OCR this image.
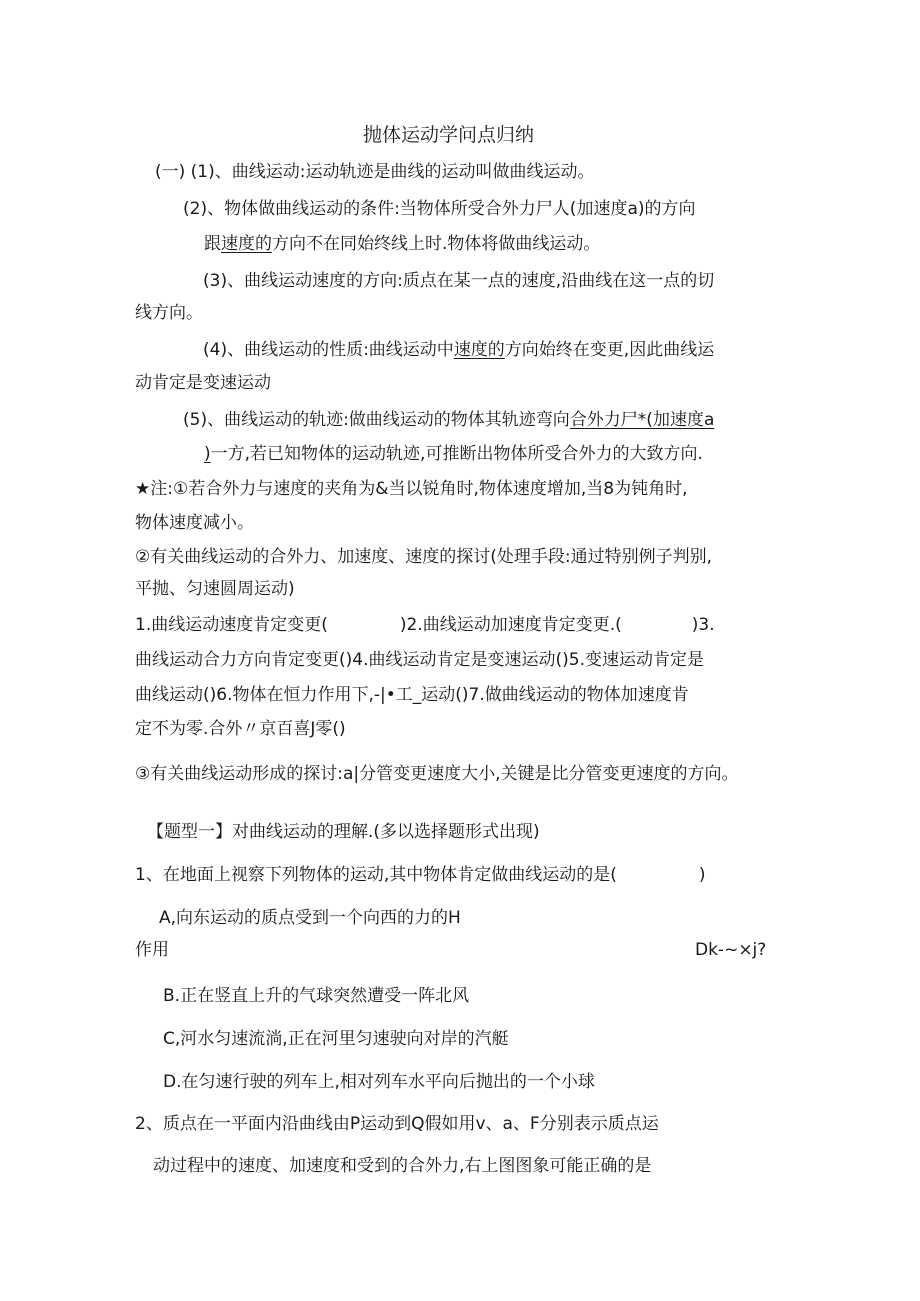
抛体运动学问点归纳
(一) (1)、曲线运动:运动轨迹是曲线的运动叫做曲线运动。
(2)、物体做曲线运动的条件:当物体所受合外力尸人(加速度a)的方向
跟速度的方向不在同始终线上时.物体将做曲线运动。
(3)、曲线运动速度的方向:质点在某一点的速度,沿曲线在这一点的切
线方向。
(4)、曲线运动的性质:曲线运动中速度的方向始终在变更,因此曲线运
动肯定是变速运动
(5)、曲线运动的轨迹:做曲线运动的物体其轨迹弯向合外力尸*(加速度a
)一方,若已知物体的运动轨迹,可推断出物体所受合外力的大致方向.
★注:①若合外力与速度的夹角为&当以锐角时,物体速度增加,当8为钝角时,
物体速度减小。
②有关曲线运动的合外力、加速度、速度的探讨(处理手段:通过特别例子判别,
平抛、匀速圆周运动)
1.曲线运动速度肯定变更(	)2.曲线运动加速度肯定变更.(	)3.
曲线运动合力方向肯定变更()4.曲线运动肯定是变速运动()5.变速运动肯定是
曲线运动()6.物体在恒力作用下,-|•工_运动()7.做曲线运动的物体加速度肯
定不为零.合外〃京百喜J零()
③有关曲线运动形成的探讨:a|分管变更速度大小,关键是比分管变更速度的方向。
【题型一】对曲线运动的理解.(多以选择题形式出现)
1、在地面上视察下列物体的运动,其中物体肯定做曲线运动的是(	)
A,向东运动的质点受到一个向西的力的H
作用	Dk-~×j?
B.正在竖直上升的气球突然遭受一阵北风
C,河水匀速流淌,正在河里匀速驶向对岸的汽艇
D.在匀速行驶的列车上,相对列车水平向后抛出的一个小球
2、质点在一平面内沿曲线由P运动到Q假如用v、a、F分别表示质点运
动过程中的速度、加速度和受到的合外力,右上图图象可能正确的是
